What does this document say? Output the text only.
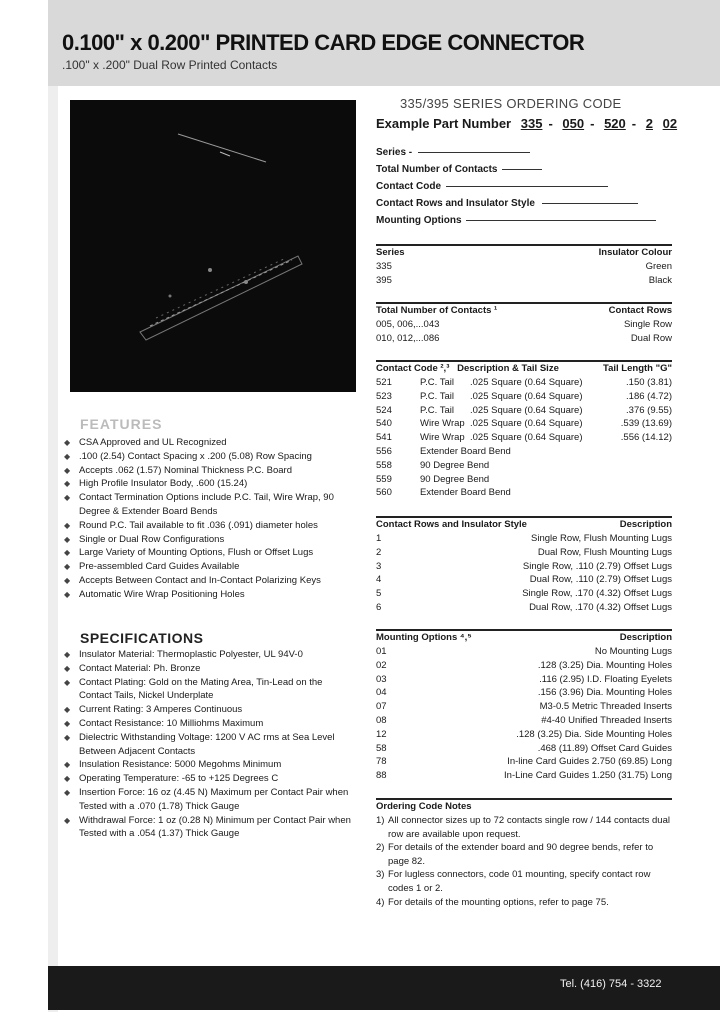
0.100" x 0.200" PRINTED CARD EDGE CONNECTOR
.100" x .200" Dual Row Printed Contacts
FEATURES
◆ CSA Approved and UL Recognized
◆ .100 (2.54) Contact Spacing x .200 (5.08) Row Spacing
◆ Accepts .062 (1.57) Nominal Thickness P.C. Board
◆ High Profile Insulator Body, .600 (15.24)
◆ Contact Termination Options include P.C. Tail, Wire Wrap, 90 Degree & Extender Board Bends
◆ Round P.C. Tail available to fit .036 (.091) diameter holes
◆ Single or Dual Row Configurations
◆ Large Variety of Mounting Options, Flush or Offset Lugs
◆ Pre-assembled Card Guides Available
◆ Accepts Between Contact and In-Contact Polarizing Keys
◆ Automatic Wire Wrap Positioning Holes
SPECIFICATIONS
◆ Insulator Material: Thermoplastic Polyester, UL 94V-0
◆ Contact Material: Ph. Bronze
◆ Contact Plating: Gold on the Mating Area, Tin-Lead on the Contact Tails, Nickel Underplate
◆ Current Rating: 3 Amperes Continuous
◆ Contact Resistance: 10 Milliohms Maximum
◆ Dielectric Withstanding Voltage: 1200 V AC rms at Sea Level Between Adjacent Contacts
◆ Insulation Resistance: 5000 Megohms Minimum
◆ Operating Temperature: -65 to +125 Degrees C
◆ Insertion Force: 16 oz (4.45 N) Maximum per Contact Pair when Tested with a .070 (1.78) Thick Gauge
◆ Withdrawal Force: 1 oz (0.28 N) Minimum per Contact Pair when Tested with a .054 (1.37) Thick Gauge
335/395 SERIES ORDERING CODE
Example Part Number 335 - 050 - 520 - 2 02
Series -
Total Number of Contacts
Contact Code
Contact Rows and Insulator Style
Mounting Options
Series	Insulator Colour
335	Green
395	Black
Total Number of Contacts ¹	Contact Rows
005, 006,...043	Single Row
010, 012,...086	Dual Row
Contact Code ²,³ Description & Tail Size	Tail Length "G"
521	P.C. Tail	.025 Square (0.64 Square)	.150 (3.81)
523	P.C. Tail	.025 Square (0.64 Square)	.186 (4.72)
524	P.C. Tail	.025 Square (0.64 Square)	.376 (9.55)
540	Wire Wrap .025 Square (0.64 Square)	.539 (13.69)
541	Wire Wrap .025 Square (0.64 Square)	.556 (14.12)
556	Extender Board Bend
558	90 Degree Bend
559	90 Degree Bend
560	Extender Board Bend
Contact Rows and Insulator Style	Description
1	Single Row, Flush Mounting Lugs
2	Dual Row, Flush Mounting Lugs
3	Single Row, .110 (2.79) Offset Lugs
4	Dual Row, .110 (2.79) Offset Lugs
5	Single Row, .170 (4.32) Offset Lugs
6	Dual Row, .170 (4.32) Offset Lugs
Mounting Options ⁴,⁵	Description
01	No Mounting Lugs
02	.128 (3.25) Dia. Mounting Holes
03	.116 (2.95) I.D. Floating Eyelets
04	.156 (3.96) Dia. Mounting Holes
07	M3-0.5 Metric Threaded Inserts
08	#4-40 Unified Threaded Inserts
12	.128 (3.25) Dia. Side Mounting Holes
58	.468 (11.89) Offset Card Guides
78	In-line Card Guides 2.750 (69.85) Long
88	In-Line Card Guides 1.250 (31.75) Long
Ordering Code Notes
1) All connector sizes up to 72 contacts single row / 144 contacts dual row are available upon request.
2) For details of the extender board and 90 degree bends, refer to page 82.
3) For lugless connectors, code 01 mounting, specify contact row codes 1 or 2.
4) For details of the mounting options, refer to page 75.
Tel. (416) 754 - 3322
